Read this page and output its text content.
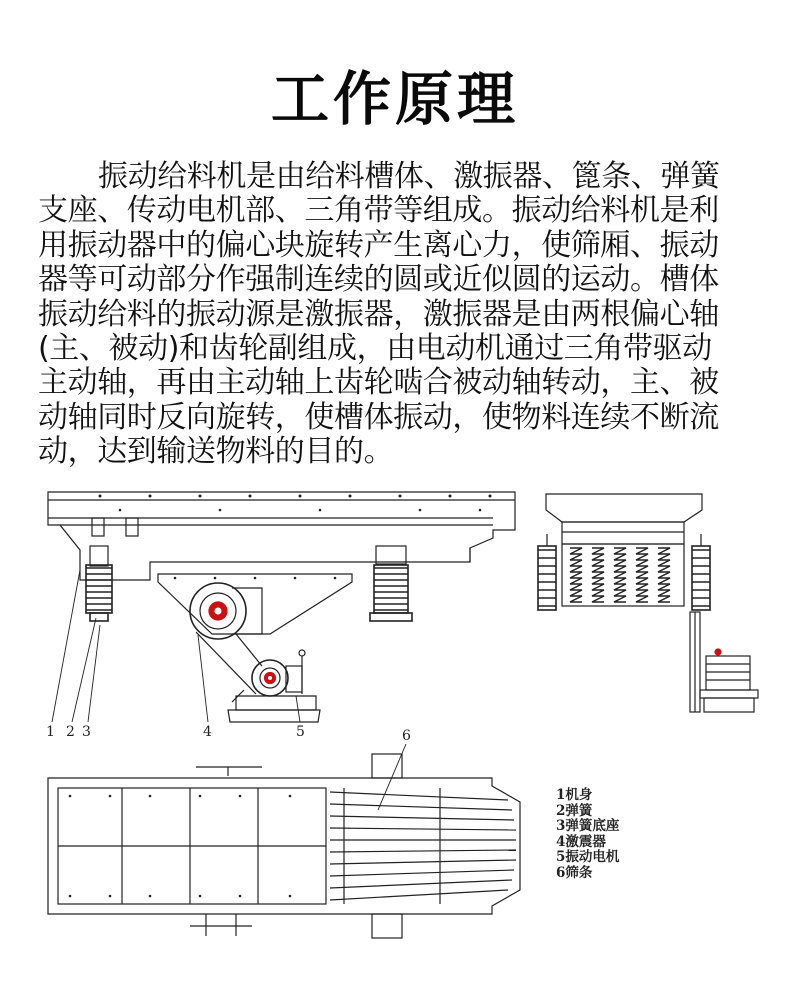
工作原理
振动给料机是由给料槽体、激振器、篦条、弹簧
支座、传动电机部、三角带等组成。振动给料机是利
用振动器中的偏心块旋转产生离心力，使筛厢、振动
器等可动部分作强制连续的圆或近似圆的运动。槽体
振动给料的振动源是激振器，激振器是由两根偏心轴
(主、被动)和齿轮副组成，由电动机通过三角带驱动
主动轴，再由主动轴上齿轮啮合被动轴转动，主、被
动轴同时反向旋转，使槽体振动，使物料连续不断流
动，达到输送物料的目的。
1 2 3	4	5	6
1机身
2弹簧
3弹簧底座
4激震器
5振动电机
6筛条
